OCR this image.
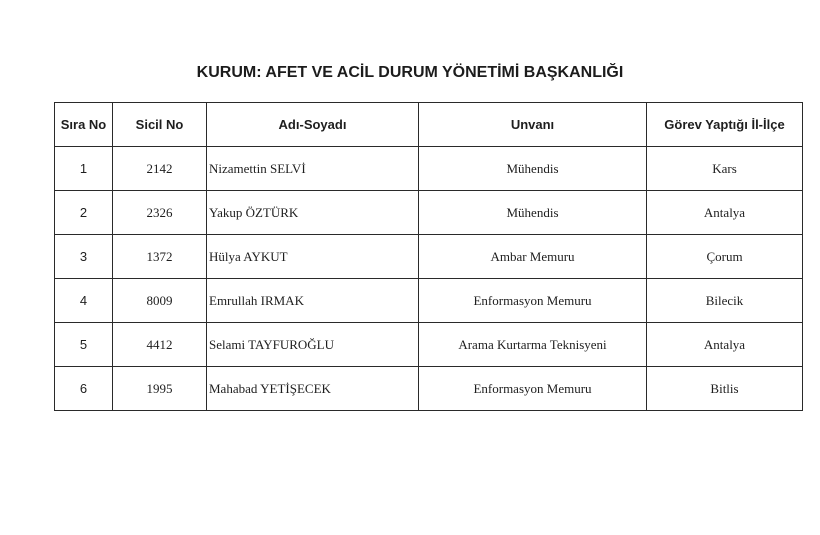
KURUM: AFET VE ACİL DURUM YÖNETİMİ BAŞKANLIĞI
Sıra No	Sicil No	Adı-Soyadı	Unvanı	Görev Yaptığı İl-İlçe
1	2142	Nizamettin SELVİ	Mühendis	Kars
2	2326	Yakup ÖZTÜRK	Mühendis	Antalya
3	1372	Hülya AYKUT	Ambar Memuru	Çorum
4	8009	Emrullah IRMAK	Enformasyon Memuru	Bilecik
5	4412	Selami TAYFUROĞLU	Arama Kurtarma Teknisyeni	Antalya
6	1995	Mahabad YETİŞECEK	Enformasyon Memuru	Bitlis
